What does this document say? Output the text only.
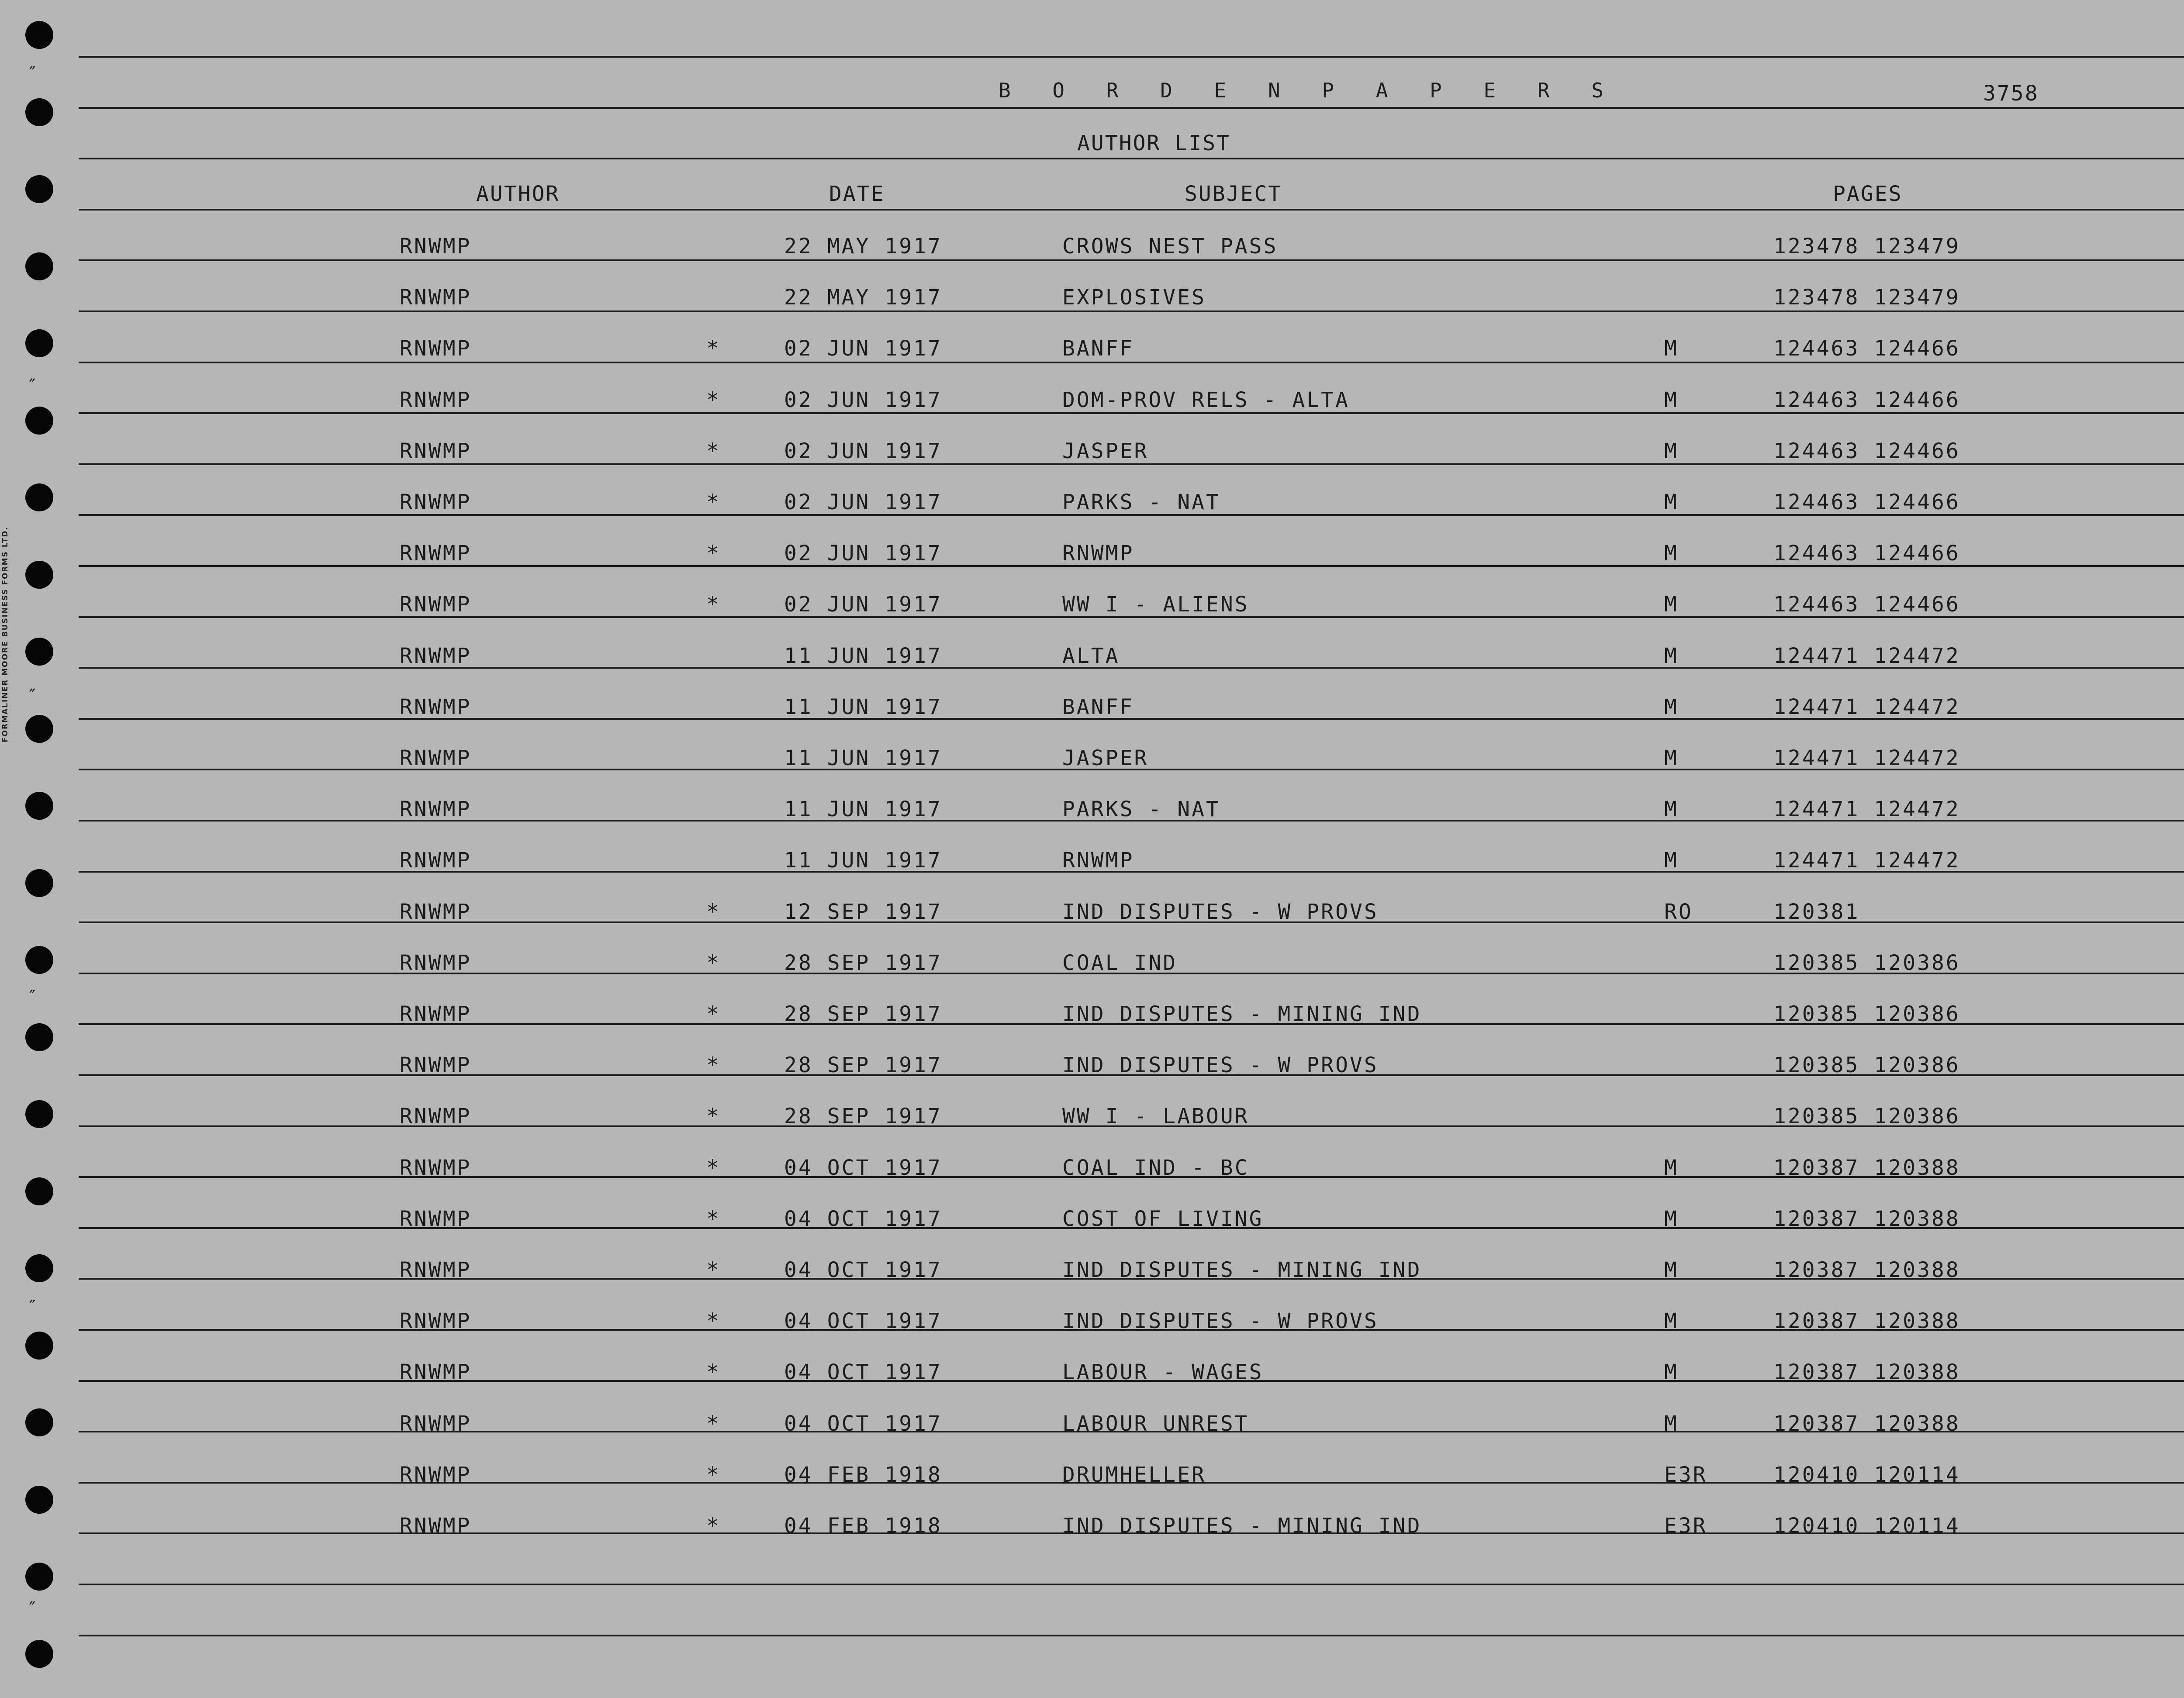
FORMALINER MOORE BUSINESS FORMS LTD.
″
″
″
″
″
″
B O R D E N P A P E R S	3758
AUTHOR LIST
AUTHOR	DATE	SUBJECT	PAGES
RNWMP	22 MAY 1917	CROWS NEST PASS	123478 123479
RNWMP	22 MAY 1917	EXPLOSIVES	123478 123479
RNWMP	*	02 JUN 1917	BANFF	M	124463 124466
RNWMP	*	02 JUN 1917	DOM-PROV RELS - ALTA	M	124463 124466
RNWMP	*	02 JUN 1917	JASPER	M	124463 124466
RNWMP	*	02 JUN 1917	PARKS - NAT	M	124463 124466
RNWMP	*	02 JUN 1917	RNWMP	M	124463 124466
RNWMP	*	02 JUN 1917	WW I - ALIENS	M	124463 124466
RNWMP	11 JUN 1917	ALTA	M	124471 124472
RNWMP	11 JUN 1917	BANFF	M	124471 124472
RNWMP	11 JUN 1917	JASPER	M	124471 124472
RNWMP	11 JUN 1917	PARKS - NAT	M	124471 124472
RNWMP	11 JUN 1917	RNWMP	M	124471 124472
RNWMP	*	12 SEP 1917	IND DISPUTES - W PROVS	RO	120381
RNWMP	*	28 SEP 1917	COAL IND	120385 120386
RNWMP	*	28 SEP 1917	IND DISPUTES - MINING IND	120385 120386
RNWMP	*	28 SEP 1917	IND DISPUTES - W PROVS	120385 120386
RNWMP	*	28 SEP 1917	WW I - LABOUR	120385 120386
RNWMP	*	04 OCT 1917	COAL IND - BC	M	120387 120388
RNWMP	*	04 OCT 1917	COST OF LIVING	M	120387 120388
RNWMP	*	04 OCT 1917	IND DISPUTES - MINING IND	M	120387 120388
RNWMP	*	04 OCT 1917	IND DISPUTES - W PROVS	M	120387 120388
RNWMP	*	04 OCT 1917	LABOUR - WAGES	M	120387 120388
RNWMP	*	04 OCT 1917	LABOUR UNREST	M	120387 120388
RNWMP	*	04 FEB 1918	DRUMHELLER	E3R	120410 120114
RNWMP	*	04 FEB 1918	IND DISPUTES - MINING IND	E3R	120410 120114
